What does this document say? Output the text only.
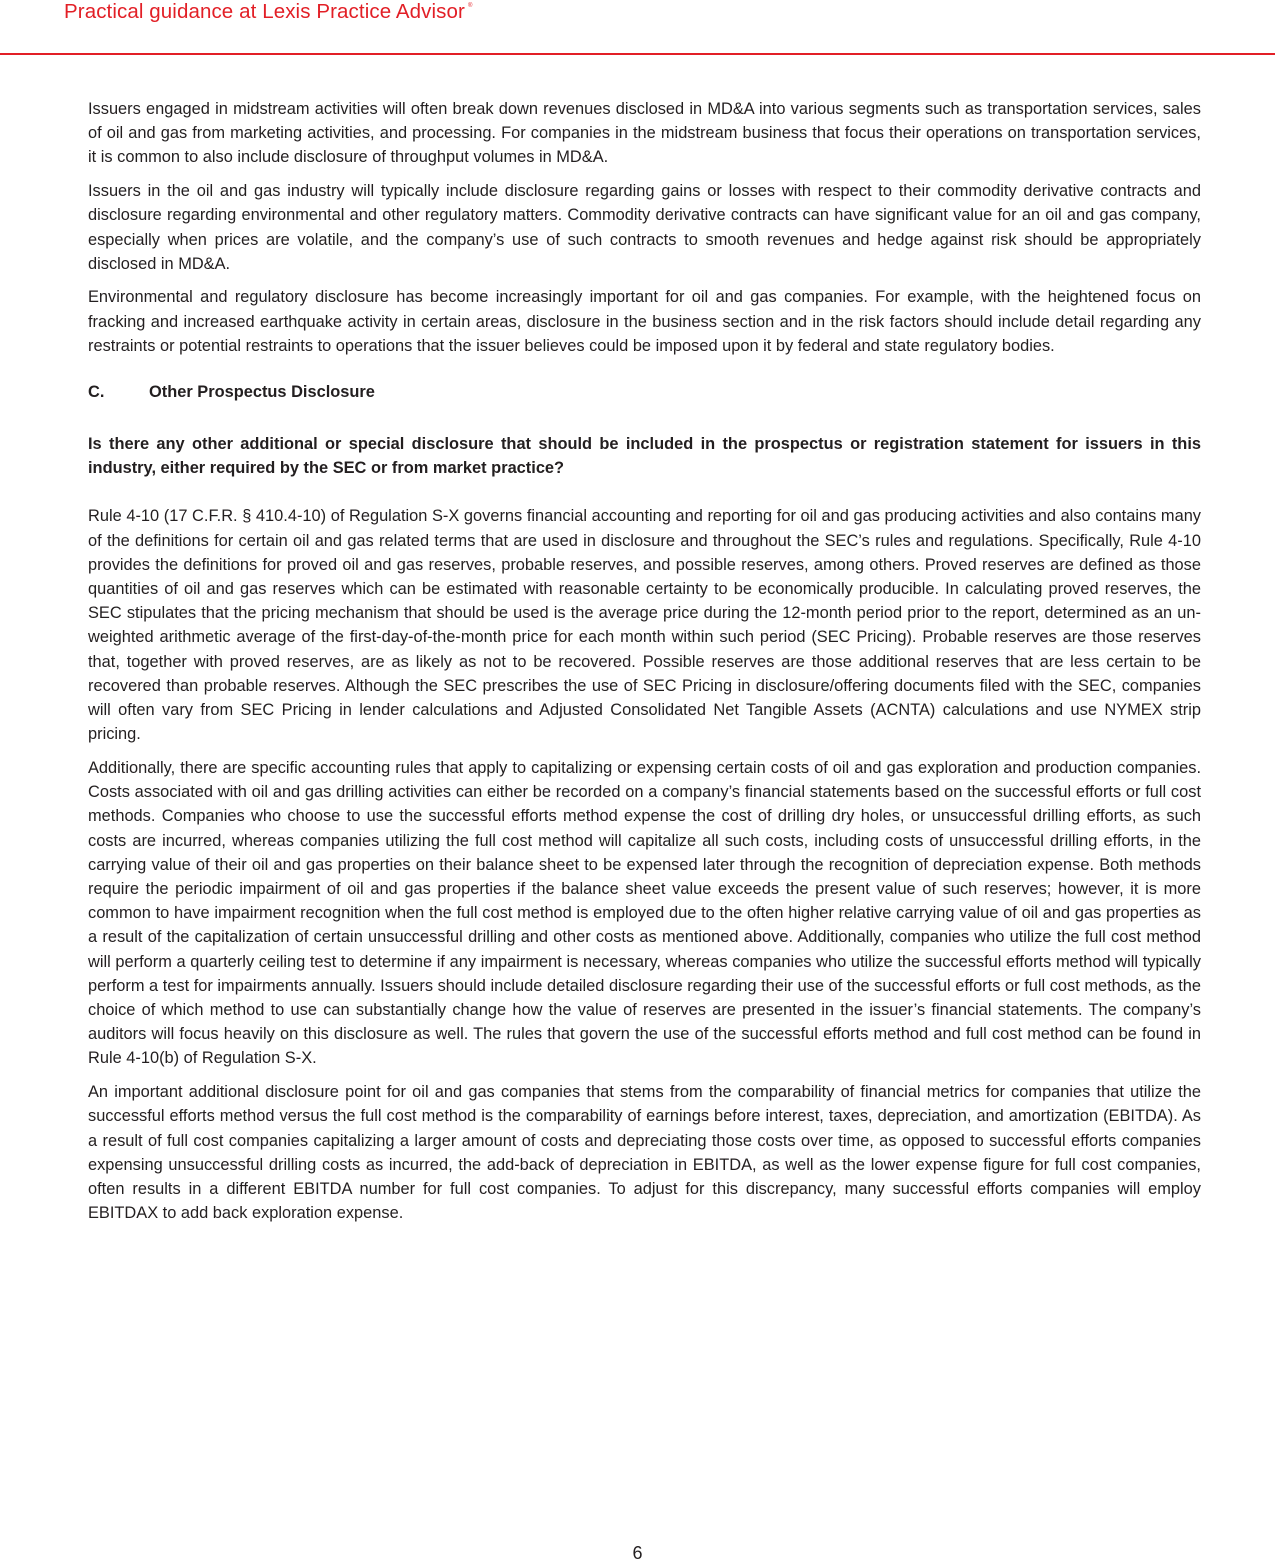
Practical guidance at Lexis Practice Advisor ®

Issuers engaged in midstream activities will often break down revenues disclosed in MD&A into various segments such as transportation services, sales of oil and gas from marketing activities, and processing. For companies in the midstream business that focus their operations on transportation services, it is common to also include disclosure of throughput volumes in MD&A.

Issuers in the oil and gas industry will typically include disclosure regarding gains or losses with respect to their commodity derivative contracts and disclosure regarding environmental and other regulatory matters. Commodity derivative contracts can have significant value for an oil and gas company, especially when prices are volatile, and the company’s use of such contracts to smooth revenues and hedge against risk should be appropriately disclosed in MD&A.

Environmental and regulatory disclosure has become increasingly important for oil and gas companies. For example, with the heightened focus on fracking and increased earthquake activity in certain areas, disclosure in the business section and in the risk factors should include detail regarding any restraints or potential restraints to operations that the issuer believes could be imposed upon it by federal and state regulatory bodies.

C.	Other Prospectus Disclosure

Is there any other additional or special disclosure that should be included in the prospectus or registration statement for issuers in this industry, either required by the SEC or from market practice?

Rule 4-10 (17 C.F.R. § 410.4-10) of Regulation S-X governs financial accounting and reporting for oil and gas producing activities and also contains many of the definitions for certain oil and gas related terms that are used in disclosure and throughout the SEC’s rules and regulations. Specifically, Rule 4-10 provides the definitions for proved oil and gas reserves, probable reserves, and possible reserves, among others. Proved reserves are defined as those quantities of oil and gas reserves which can be estimated with reasonable certainty to be economically producible. In calculating proved reserves, the SEC stipulates that the pricing mechanism that should be used is the average price during the 12-month period prior to the report, determined as an un-weighted arithmetic average of the first-day-of-the-month price for each month within such period (SEC Pricing). Probable reserves are those reserves that, together with proved reserves, are as likely as not to be recovered. Possible reserves are those additional reserves that are less certain to be recovered than probable reserves. Although the SEC prescribes the use of SEC Pricing in disclosure/offering documents filed with the SEC, companies will often vary from SEC Pricing in lender calculations and Adjusted Consolidated Net Tangible Assets (ACNTA) calculations and use NYMEX strip pricing.

Additionally, there are specific accounting rules that apply to capitalizing or expensing certain costs of oil and gas exploration and production companies. Costs associated with oil and gas drilling activities can either be recorded on a company’s financial statements based on the successful efforts or full cost methods. Companies who choose to use the successful efforts method expense the cost of drilling dry holes, or unsuccessful drilling efforts, as such costs are incurred, whereas companies utilizing the full cost method will capitalize all such costs, including costs of unsuccessful drilling efforts, in the carrying value of their oil and gas properties on their balance sheet to be expensed later through the recognition of depreciation expense. Both methods require the periodic impairment of oil and gas properties if the balance sheet value exceeds the present value of such reserves; however, it is more common to have impairment recognition when the full cost method is employed due to the often higher relative carrying value of oil and gas properties as a result of the capitalization of certain unsuccessful drilling and other costs as mentioned above. Additionally, companies who utilize the full cost method will perform a quarterly ceiling test to determine if any impairment is necessary, whereas companies who utilize the successful efforts method will typically perform a test for impairments annually. Issuers should include detailed disclosure regarding their use of the successful efforts or full cost methods, as the choice of which method to use can substantially change how the value of reserves are presented in the issuer’s financial statements. The company’s auditors will focus heavily on this disclosure as well. The rules that govern the use of the successful efforts method and full cost method can be found in Rule 4-10(b) of Regulation S-X.

An important additional disclosure point for oil and gas companies that stems from the comparability of financial metrics for companies that utilize the successful efforts method versus the full cost method is the comparability of earnings before interest, taxes, depreciation, and amortization (EBITDA). As a result of full cost companies capitalizing a larger amount of costs and depreciating those costs over time, as opposed to successful efforts companies expensing unsuccessful drilling costs as incurred, the add-back of depreciation in EBITDA, as well as the lower expense figure for full cost companies, often results in a different EBITDA number for full cost companies. To adjust for this discrepancy, many successful efforts companies will employ EBITDAX to add back exploration expense.

6
